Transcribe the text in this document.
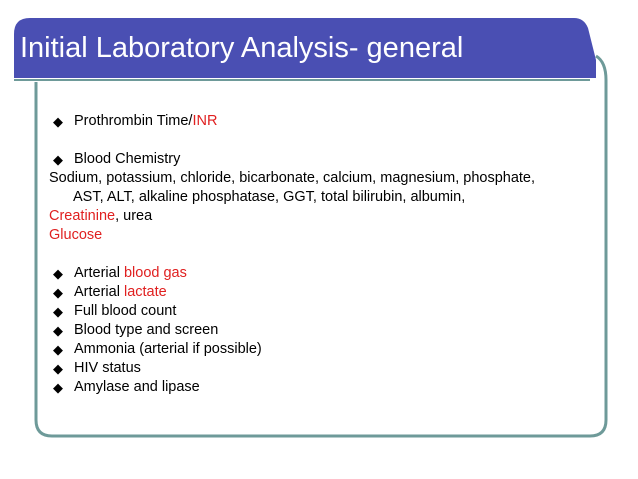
Initial Laboratory Analysis- general
◆ Prothrombin Time/INR
◆ Blood Chemistry
Sodium, potassium, chloride, bicarbonate, calcium, magnesium, phosphate,
AST, ALT, alkaline phosphatase, GGT, total bilirubin, albumin,
Creatinine, urea
Glucose
◆ Arterial blood gas
◆ Arterial lactate
◆ Full blood count
◆ Blood type and screen
◆ Ammonia (arterial if possible)
◆ HIV status
◆ Amylase and lipase
